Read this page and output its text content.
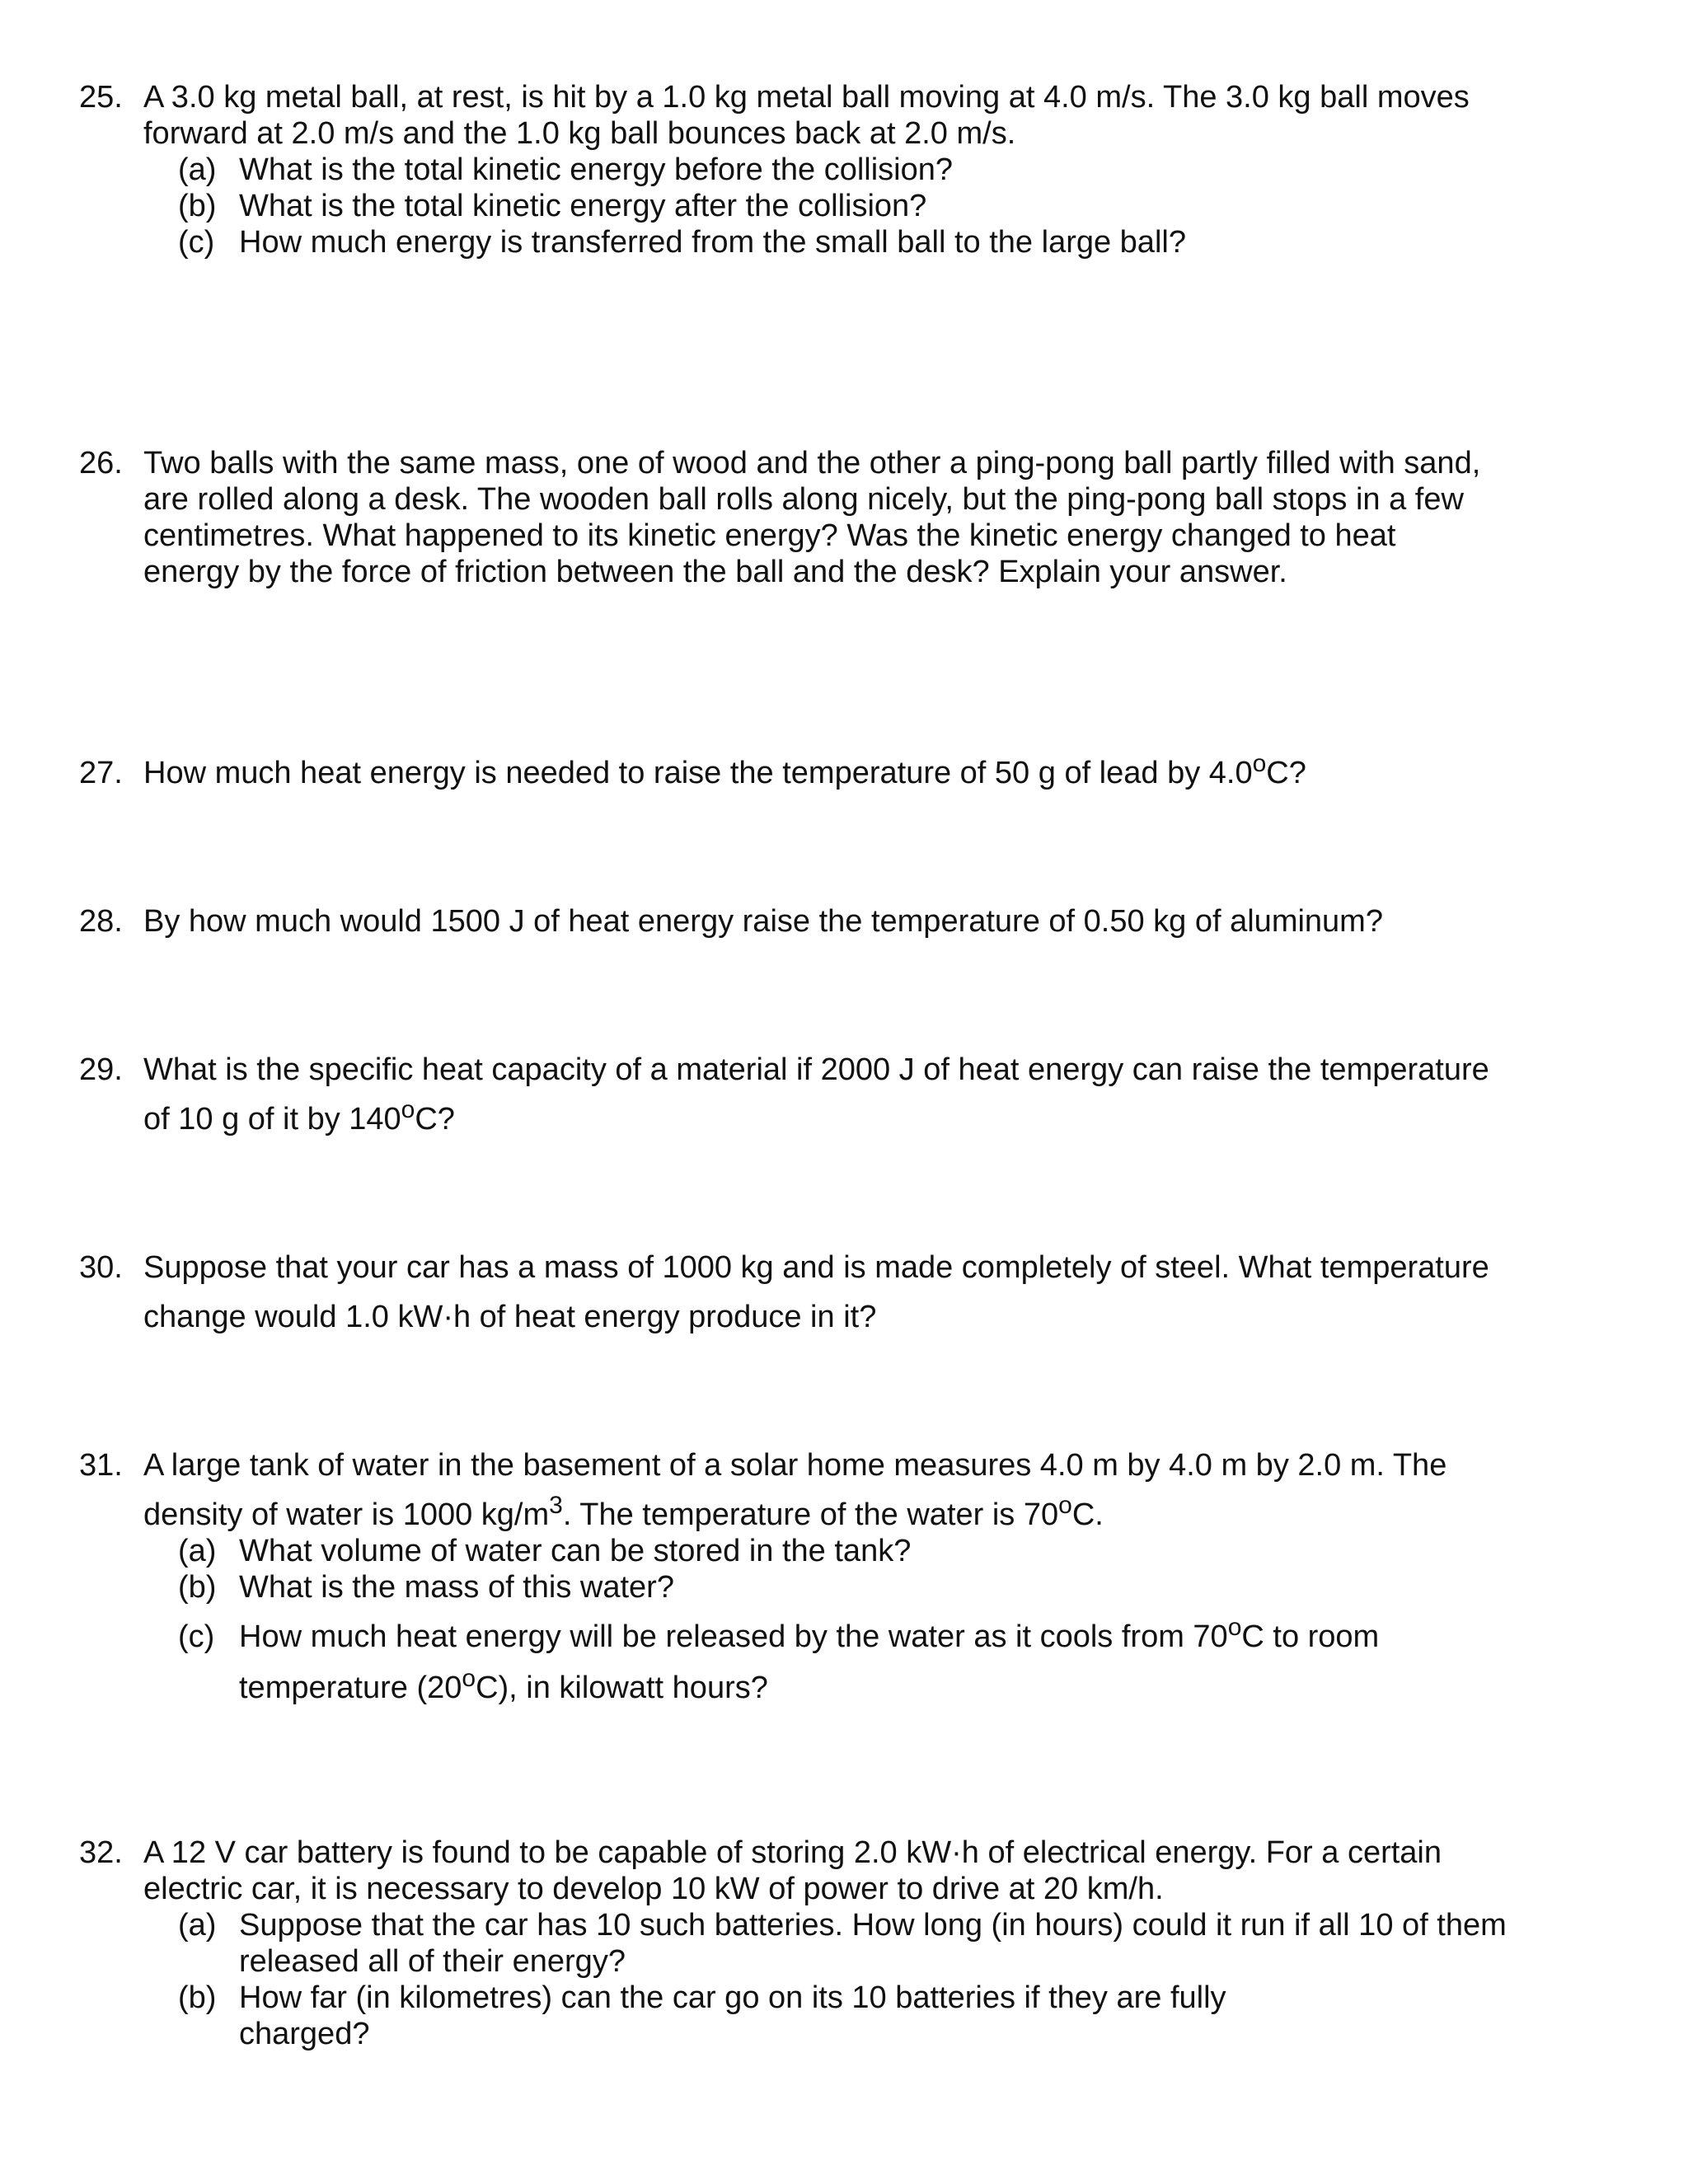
25. A 3.0 kg metal ball, at rest, is hit by a 1.0 kg metal ball moving at 4.0 m/s. The 3.0 kg ball moves
forward at 2.0 m/s and the 1.0 kg ball bounces back at 2.0 m/s.
(a) What is the total kinetic energy before the collision?
(b) What is the total kinetic energy after the collision?
(c) How much energy is transferred from the small ball to the large ball?
26. Two balls with the same mass, one of wood and the other a ping-pong ball partly filled with sand,
are rolled along a desk. The wooden ball rolls along nicely, but the ping-pong ball stops in a few
centimetres. What happened to its kinetic energy? Was the kinetic energy changed to heat
energy by the force of friction between the ball and the desk? Explain your answer.
27. How much heat energy is needed to raise the temperature of 50 g of lead by 4.0$^o$C?
28. By how much would 1500 J of heat energy raise the temperature of 0.50 kg of aluminum?
29. What is the specific heat capacity of a material if 2000 J of heat energy can raise the temperature
of 10 g of it by 140$^o$C?
30. Suppose that your car has a mass of 1000 kg and is made completely of steel. What temperature
change would 1.0 kW·h of heat energy produce in it?
31. A large tank of water in the basement of a solar home measures 4.0 m by 4.0 m by 2.0 m. The
density of water is 1000 $kg/m^3$. The temperature of the water is 70$^o$C.
(a) What volume of water can be stored in the tank?
(b) What is the mass of this water?
(c) How much heat energy will be released by the water as it cools from 70$^o$C to room
temperature (20$^o$C), in kilowatt hours?
32. A 12 V car battery is found to be capable of storing 2.0 kW·h of electrical energy. For a certain
electric car, it is necessary to develop 10 kW of power to drive at 20 km/h.
(a) Suppose that the car has 10 such batteries. How long (in hours) could it run if all 10 of them
released all of their energy?
(b) How far (in kilometres) can the car go on its 10 batteries if they are fully
charged?
